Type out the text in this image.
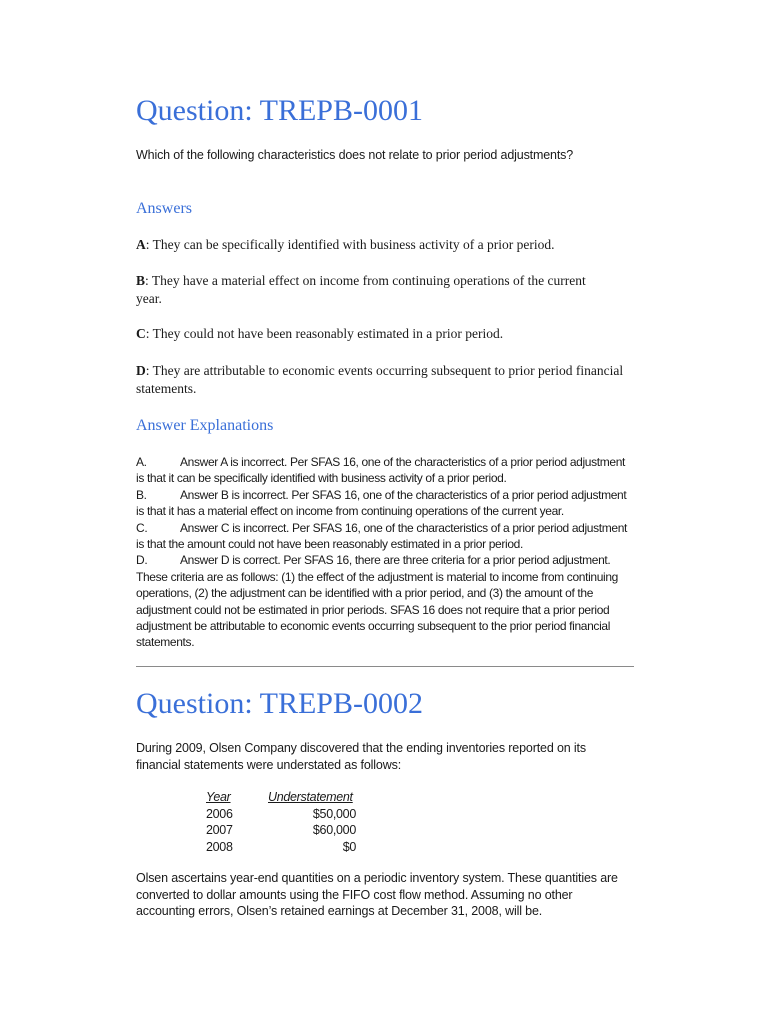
Question: TREPB-0001
Which of the following characteristics does not relate to prior period adjustments?
Answers
A: They can be specifically identified with business activity of a prior period.
B: They have a material effect on income from continuing operations of the current year.
C: They could not have been reasonably estimated in a prior period.
D: They are attributable to economic events occurring subsequent to prior period financial statements.
Answer Explanations
A.	Answer A is incorrect. Per SFAS 16, one of the characteristics of a prior period adjustment is that it can be specifically identified with business activity of a prior period.
B.	Answer B is incorrect. Per SFAS 16, one of the characteristics of a prior period adjustment is that it has a material effect on income from continuing operations of the current year.
C.	Answer C is incorrect. Per SFAS 16, one of the characteristics of a prior period adjustment is that the amount could not have been reasonably estimated in a prior period.
D.	Answer D is correct. Per SFAS 16, there are three criteria for a prior period adjustment. These criteria are as follows: (1) the effect of the adjustment is material to income from continuing operations, (2) the adjustment can be identified with a prior period, and (3) the amount of the adjustment could not be estimated in prior periods. SFAS 16 does not require that a prior period adjustment be attributable to economic events occurring subsequent to the prior period financial statements.
Question: TREPB-0002
During 2009, Olsen Company discovered that the ending inventories reported on its financial statements were understated as follows:
Year	Understatement
2006	$50,000
2007	$60,000
2008	$0
Olsen ascertains year-end quantities on a periodic inventory system. These quantities are converted to dollar amounts using the FIFO cost flow method. Assuming no other accounting errors, Olsen’s retained earnings at December 31, 2008, will be.
